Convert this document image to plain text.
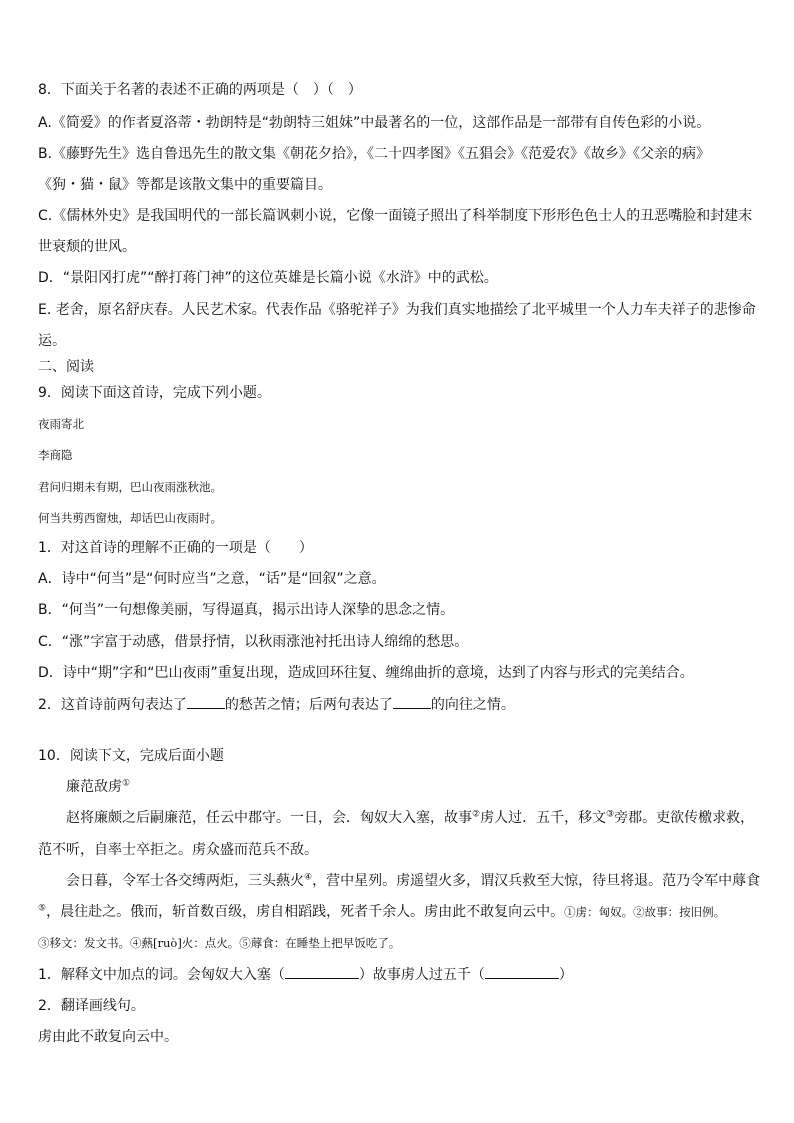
8．下面关于名著的表述不正确的两项是（　）（　）
A.《简爱》的作者夏洛蒂・勃朗特是“勃朗特三姐妹”中最著名的一位，这部作品是一部带有自传色彩的小说。
B.《藤野先生》选自鲁迅先生的散文集《朝花夕拾》，《二十四孝图》《五猖会》《范爱农》《故乡》《父亲的病》
《狗・猫・鼠》等都是该散文集中的重要篇目。
C.《儒林外史》是我国明代的一部长篇讽刺小说，它像一面镜子照出了科举制度下形形色色士人的丑恶嘴脸和封建末
世衰颓的世风。
D．“景阳冈打虎”“醉打蒋门神”的这位英雄是长篇小说《水浒》中的武松。
E. 老舍，原名舒庆春。人民艺术家。代表作品《骆驼祥子》为我们真实地描绘了北平城里一个人力车夫祥子的悲惨命
运。
二、阅读
9．阅读下面这首诗，完成下列小题。
夜雨寄北
李商隐
君问归期未有期，巴山夜雨涨秋池。
何当共剪西窗烛，却话巴山夜雨时。
1．对这首诗的理解不正确的一项是（　　）
A．诗中“何当”是“何时应当”之意，“话”是“回叙”之意。
B．“何当”一句想像美丽，写得逼真，揭示出诗人深挚的思念之情。
C．“涨”字富于动感，借景抒情，以秋雨涨池衬托出诗人绵绵的愁思。
D．诗中“期”字和“巴山夜雨”重复出现，造成回环往复、缠绵曲折的意境，达到了内容与形式的完美结合。
2．这首诗前两句表达了	的愁苦之情；后两句表达了	的向往之情。
10．阅读下文，完成后面小题
廉范敌虏①
赵将廉颇之后嗣廉范，任云中郡守。一日，会．匈奴大入塞，故事②虏人过．五千，移文③旁郡。吏欲传檄求救，
范不听，自率士卒拒之。虏众盛而范兵不敌。
会日暮，令军士各交缚两炬，三头爇火④，营中星列。虏遥望火多，谓汉兵救至大惊，待旦将退。范乃令军中蓐食
⑤，晨往赴之。俄而，斩首数百级，虏自相蹈践，死者千余人。虏由此不敢复向云中。①虏：匈奴。②故事：按旧例。
③移文：发文书。④爇[ruò]火：点火。⑤蓐食：在睡垫上把早饭吃了。
1．解释文中加点的词。会匈奴大入塞（	）故事虏人过五千（	）
2．翻译画线句。
虏由此不敢复向云中。
